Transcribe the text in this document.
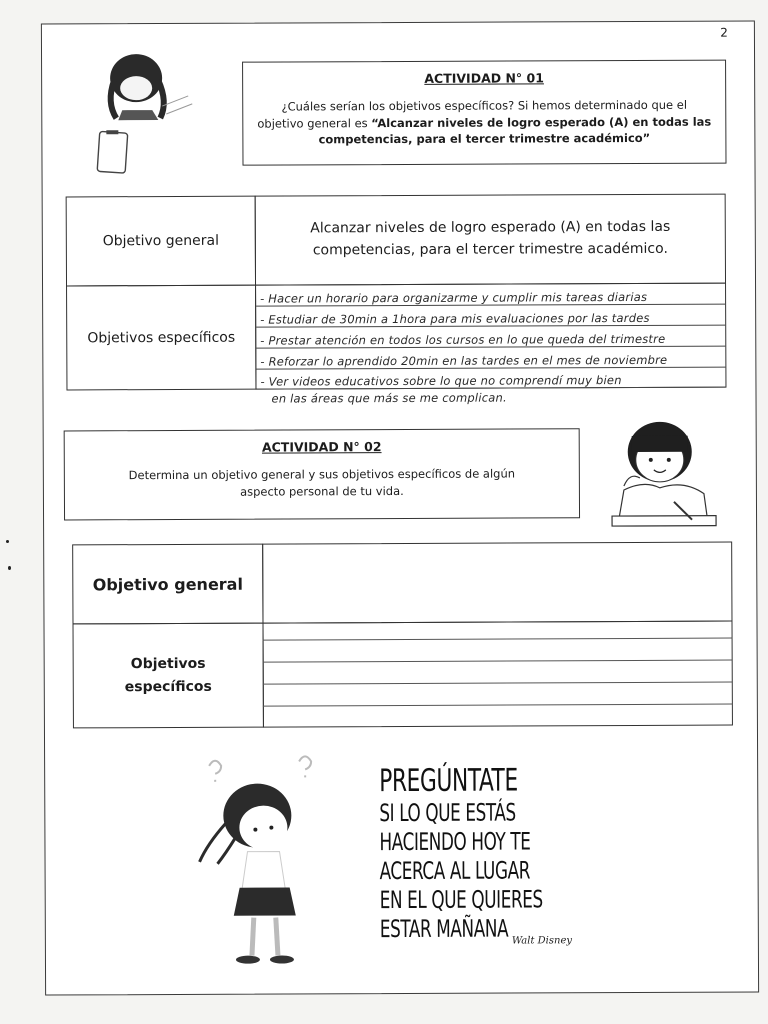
2
ACTIVIDAD N° 01
¿Cuáles serían los objetivos específicos? Si hemos determinado que el objetivo general es “Alcanzar niveles de logro esperado (A) en todas las competencias, para el tercer trimestre académico”
Objetivo general
Alcanzar niveles de logro esperado (A) en todas las competencias, para el tercer trimestre académico.
Objetivos específicos
- Hacer un horario para organizarme y cumplir mis tareas diarias
- Estudiar de 30min a 1hora para mis evaluaciones por las tardes
- Prestar atención en todos los cursos en lo que queda del trimestre
- Reforzar lo aprendido 20min en las tardes en el mes de noviembre
- Ver videos educativos sobre lo que no comprendí muy bien
en las áreas que más se me complican.
ACTIVIDAD N° 02
Determina un objetivo general y sus objetivos específicos de algún aspecto personal de tu vida.
Objetivo general
Objetivos específicos
PREGÚNTATE
SI LO QUE ESTÁS
HACIENDO HOY TE
ACERCA AL LUGAR
EN EL QUE QUIERES
ESTAR MAÑANA Walt Disney
